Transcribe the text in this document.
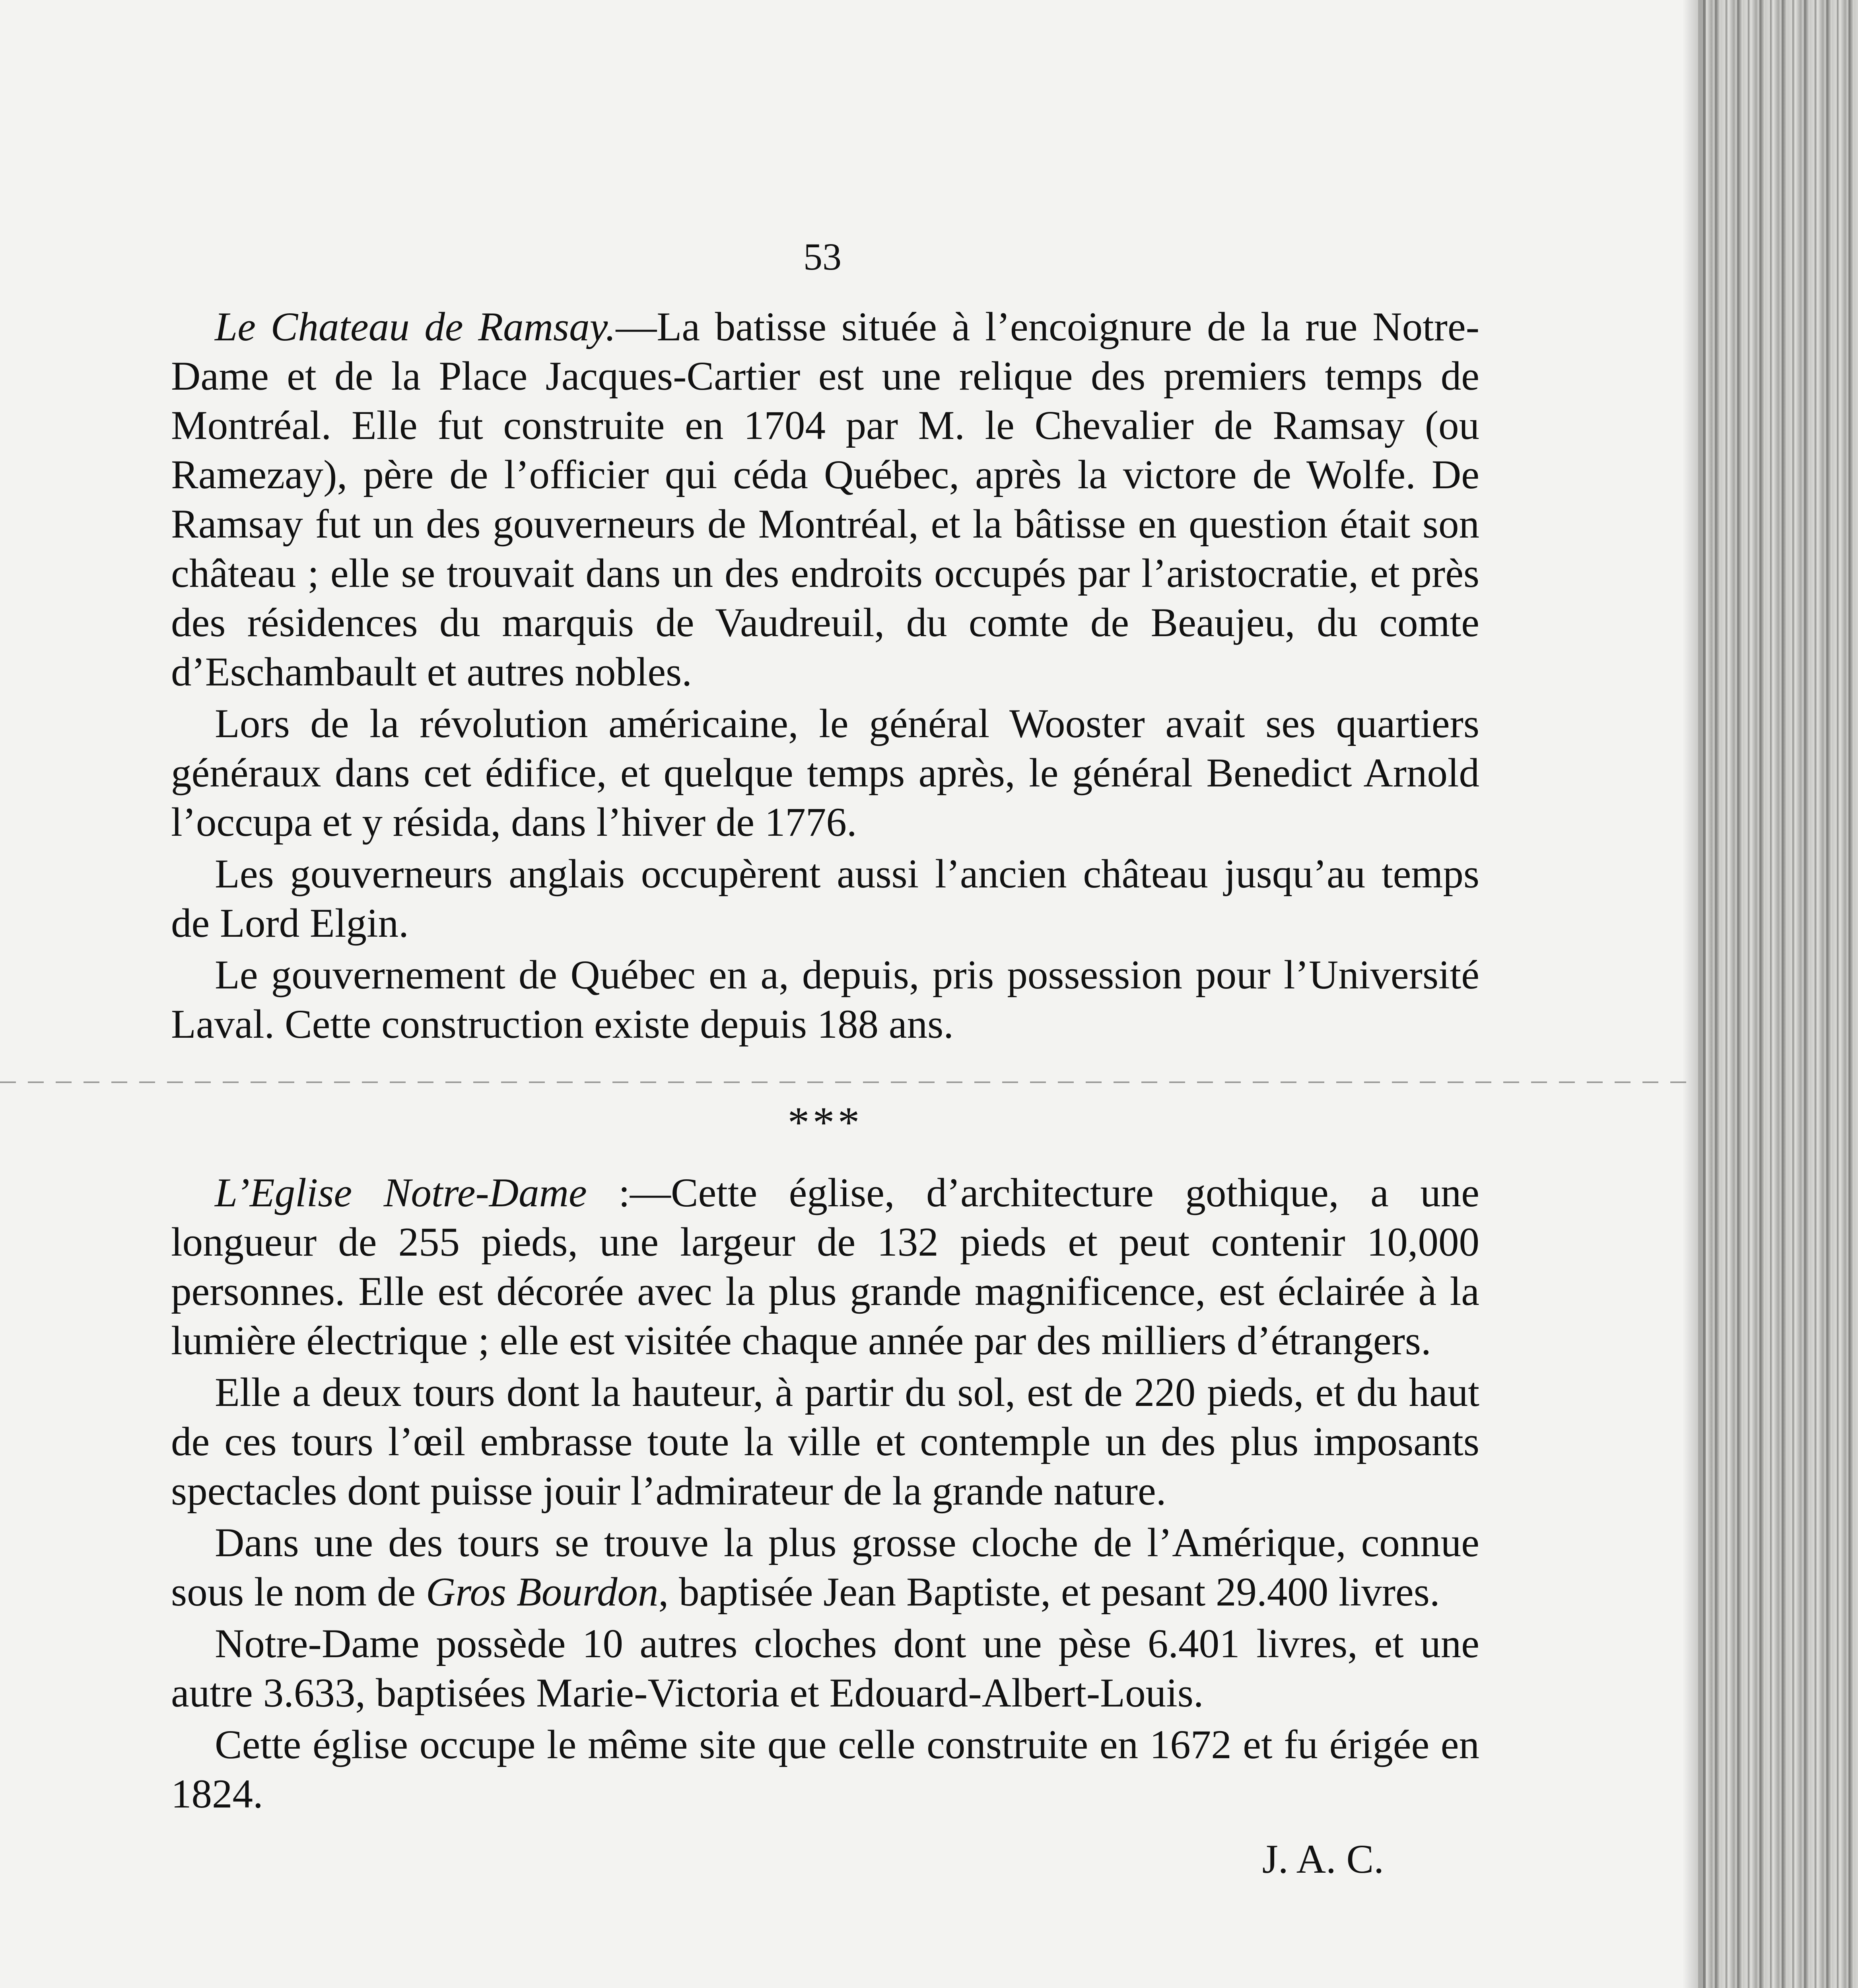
53

Le Chateau de Ramsay.—La batisse située à l’encoignure de la rue Notre-Dame et de la Place Jacques-Cartier est une relique des premiers temps de Montréal. Elle fut construite en 1704 par M. le Chevalier de Ramsay (ou Ramezay), père de l’officier qui céda Québec, après la victore de Wolfe. De Ramsay fut un des gouverneurs de Montréal, et la bâtisse en question était son château ; elle se trouvait dans un des endroits occupés par l’aristocratie, et près des résidences du marquis de Vaudreuil, du comte de Beaujeu, du comte d’Eschambault et autres nobles.

Lors de la révolution américaine, le général Wooster avait ses quartiers généraux dans cet édifice, et quelque temps après, le général Benedict Arnold l’occupa et y résida, dans l’hiver de 1776.

Les gouverneurs anglais occupèrent aussi l’ancien château jusqu’au temps de Lord Elgin.

Le gouvernement de Québec en a, depuis, pris possession pour l’Université Laval. Cette construction existe depuis 188 ans.

***

L’Eglise Notre-Dame :—Cette église, d’architecture gothique, a une longueur de 255 pieds, une largeur de 132 pieds et peut contenir 10,000 personnes. Elle est décorée avec la plus grande magnificence, est éclairée à la lumière électrique ; elle est visitée chaque année par des milliers d’étrangers.

Elle a deux tours dont la hauteur, à partir du sol, est de 220 pieds, et du haut de ces tours l’œil embrasse toute la ville et contemple un des plus imposants spectacles dont puisse jouir l’admirateur de la grande nature.

Dans une des tours se trouve la plus grosse cloche de l’Amérique, connue sous le nom de Gros Bourdon, baptisée Jean Baptiste, et pesant 29.400 livres.

Notre-Dame possède 10 autres cloches dont une pèse 6.401 livres, et une autre 3.633, baptisées Marie-Victoria et Edouard-Albert-Louis.

Cette église occupe le même site que celle construite en 1672 et fu érigée en 1824.

J. A. C.
